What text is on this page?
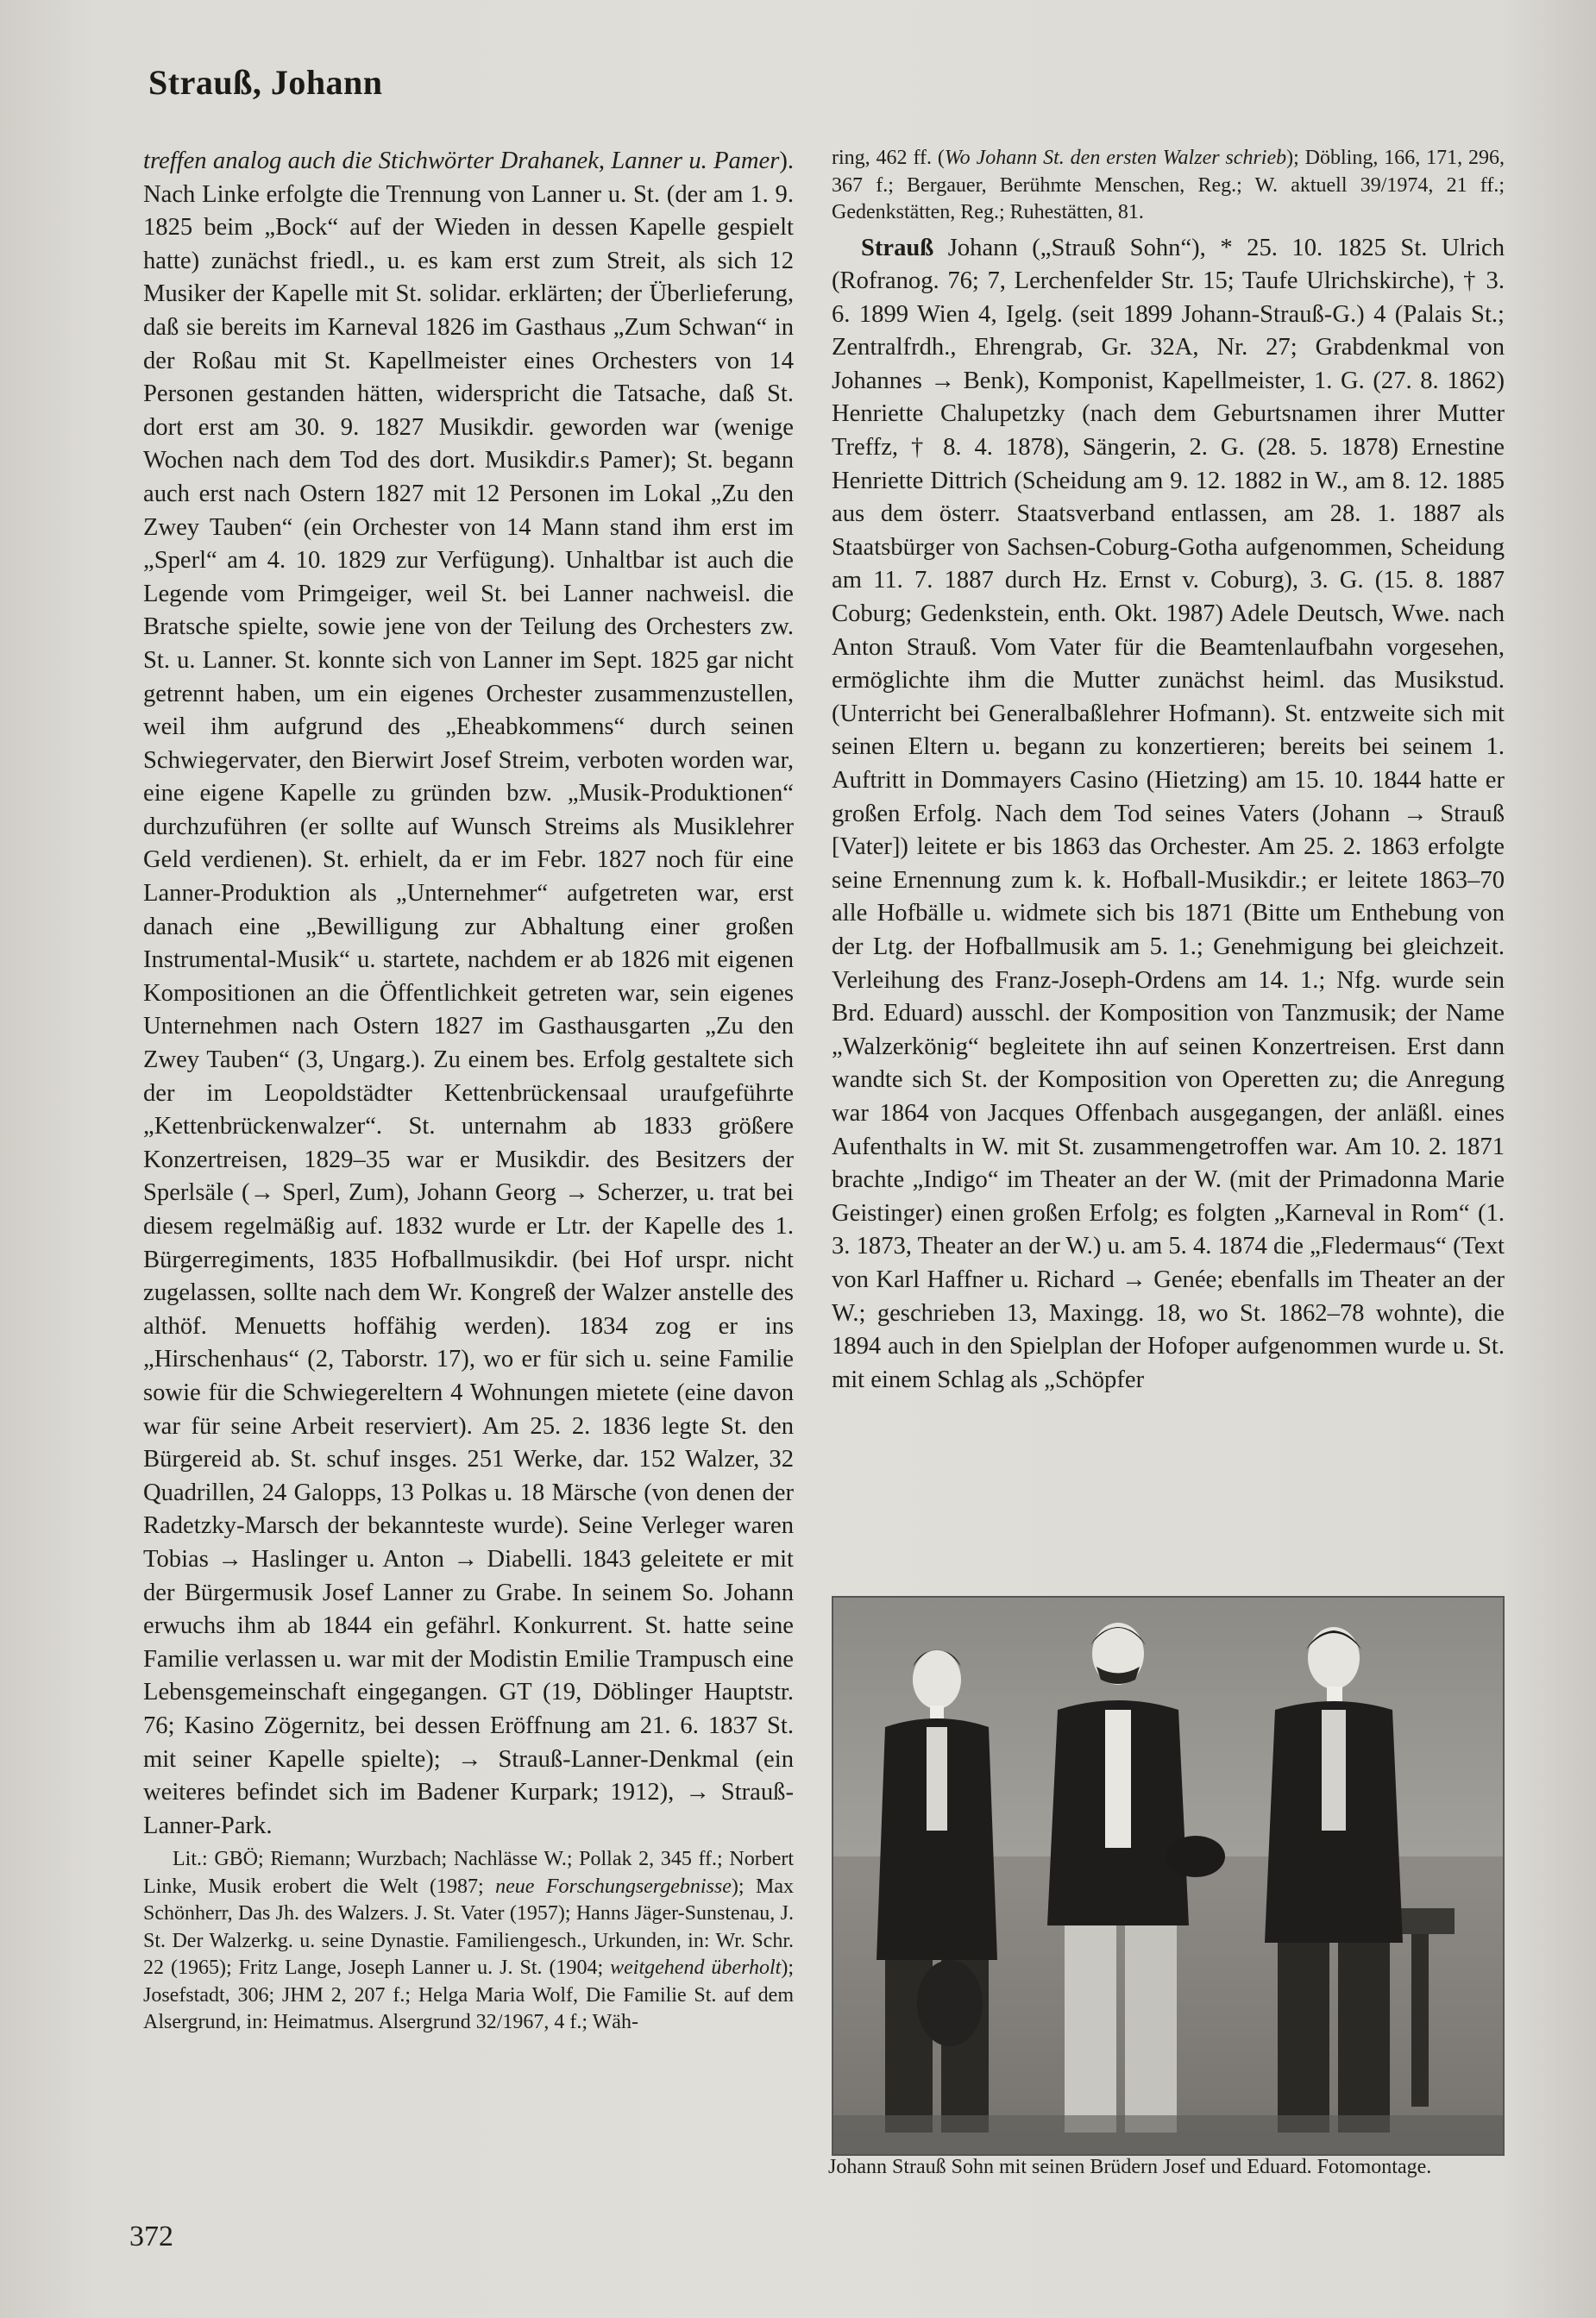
Strauß, Johann

treffen analog auch die Stichwörter Drahanek, Lanner u. Pamer). Nach Linke erfolgte die Trennung von Lanner u. St. (der am 1. 9. 1825 beim „Bock“ auf der Wieden in dessen Kapelle gespielt hatte) zunächst friedl., u. es kam erst zum Streit, als sich 12 Musiker der Kapelle mit St. solidar. erklärten; der Überlieferung, daß sie bereits im Karneval 1826 im Gasthaus „Zum Schwan“ in der Roßau mit St. Kapellmeister eines Orchesters von 14 Personen gestanden hätten, widerspricht die Tatsache, daß St. dort erst am 30. 9. 1827 Musikdir. geworden war (wenige Wochen nach dem Tod des dort. Musikdir.s Pamer); St. begann auch erst nach Ostern 1827 mit 12 Personen im Lokal „Zu den Zwey Tauben“ (ein Orchester von 14 Mann stand ihm erst im „Sperl“ am 4. 10. 1829 zur Verfügung). Unhaltbar ist auch die Legende vom Primgeiger, weil St. bei Lanner nachweisl. die Bratsche spielte, sowie jene von der Teilung des Orchesters zw. St. u. Lanner. St. konnte sich von Lanner im Sept. 1825 gar nicht getrennt haben, um ein eigenes Orchester zusammenzustellen, weil ihm aufgrund des „Eheabkommens“ durch seinen Schwiegervater, den Bierwirt Josef Streim, verboten worden war, eine eigene Kapelle zu gründen bzw. „Musik-Produktionen“ durchzuführen (er sollte auf Wunsch Streims als Musiklehrer Geld verdienen). St. erhielt, da er im Febr. 1827 noch für eine Lanner-Produktion als „Unternehmer“ aufgetreten war, erst danach eine „Bewilligung zur Abhaltung einer großen Instrumental-Musik“ u. startete, nachdem er ab 1826 mit eigenen Kompositionen an die Öffentlichkeit getreten war, sein eigenes Unternehmen nach Ostern 1827 im Gasthausgarten „Zu den Zwey Tauben“ (3, Ungarg.). Zu einem bes. Erfolg gestaltete sich der im Leopoldstädter Kettenbrückensaal uraufgeführte „Kettenbrückenwalzer“. St. unternahm ab 1833 größere Konzertreisen, 1829–35 war er Musikdir. des Besitzers der Sperlsäle (→ Sperl, Zum), Johann Georg → Scherzer, u. trat bei diesem regelmäßig auf. 1832 wurde er Ltr. der Kapelle des 1. Bürgerregiments, 1835 Hofballmusikdir. (bei Hof urspr. nicht zugelassen, sollte nach dem Wr. Kongreß der Walzer anstelle des althöf. Menuetts hoffähig werden). 1834 zog er ins „Hirschenhaus“ (2, Taborstr. 17), wo er für sich u. seine Familie sowie für die Schwiegereltern 4 Wohnungen mietete (eine davon war für seine Arbeit reserviert). Am 25. 2. 1836 legte St. den Bürgereid ab. St. schuf insges. 251 Werke, dar. 152 Walzer, 32 Quadrillen, 24 Galopps, 13 Polkas u. 18 Märsche (von denen der Radetzky-Marsch der bekannteste wurde). Seine Verleger waren Tobias → Haslinger u. Anton → Diabelli. 1843 geleitete er mit der Bürgermusik Josef Lanner zu Grabe. In seinem So. Johann erwuchs ihm ab 1844 ein gefährl. Konkurrent. St. hatte seine Familie verlassen u. war mit der Modistin Emilie Trampusch eine Lebensgemeinschaft eingegangen. GT (19, Döblinger Hauptstr. 76; Kasino Zögernitz, bei dessen Eröffnung am 21. 6. 1837 St. mit seiner Kapelle spielte); → Strauß-Lanner-Denkmal (ein weiteres befindet sich im Badener Kurpark; 1912), → Strauß-Lanner-Park.

Lit.: GBÖ; Riemann; Wurzbach; Nachlässe W.; Pollak 2, 345 ff.; Norbert Linke, Musik erobert die Welt (1987; neue Forschungsergebnisse); Max Schönherr, Das Jh. des Walzers. J. St. Vater (1957); Hanns Jäger-Sunstenau, J. St. Der Walzerkg. u. seine Dynastie. Familiengesch., Urkunden, in: Wr. Schr. 22 (1965); Fritz Lange, Joseph Lanner u. J. St. (1904; weitgehend überholt); Josefstadt, 306; JHM 2, 207 f.; Helga Maria Wolf, Die Familie St. auf dem Alsergrund, in: Heimatmus. Alsergrund 32/1967, 4 f.; Wäh-

ring, 462 ff. (Wo Johann St. den ersten Walzer schrieb); Döbling, 166, 171, 296, 367 f.; Bergauer, Berühmte Menschen, Reg.; W. aktuell 39/1974, 21 ff.; Gedenkstätten, Reg.; Ruhestätten, 81.

Strauß Johann („Strauß Sohn“), * 25. 10. 1825 St. Ulrich (Rofranog. 76; 7, Lerchenfelder Str. 15; Taufe Ulrichskirche), † 3. 6. 1899 Wien 4, Igelg. (seit 1899 Johann-Strauß-G.) 4 (Palais St.; Zentralfrdh., Ehrengrab, Gr. 32A, Nr. 27; Grabdenkmal von Johannes → Benk), Komponist, Kapellmeister, 1. G. (27. 8. 1862) Henriette Chalupetzky (nach dem Geburtsnamen ihrer Mutter Treffz, † 8. 4. 1878), Sängerin, 2. G. (28. 5. 1878) Ernestine Henriette Dittrich (Scheidung am 9. 12. 1882 in W., am 8. 12. 1885 aus dem österr. Staatsverband entlassen, am 28. 1. 1887 als Staatsbürger von Sachsen-Coburg-Gotha aufgenommen, Scheidung am 11. 7. 1887 durch Hz. Ernst v. Coburg), 3. G. (15. 8. 1887 Coburg; Gedenkstein, enth. Okt. 1987) Adele Deutsch, Wwe. nach Anton Strauß. Vom Vater für die Beamtenlaufbahn vorgesehen, ermöglichte ihm die Mutter zunächst heiml. das Musikstud. (Unterricht bei Generalbaßlehrer Hofmann). St. entzweite sich mit seinen Eltern u. begann zu konzertieren; bereits bei seinem 1. Auftritt in Dommayers Casino (Hietzing) am 15. 10. 1844 hatte er großen Erfolg. Nach dem Tod seines Vaters (Johann → Strauß [Vater]) leitete er bis 1863 das Orchester. Am 25. 2. 1863 erfolgte seine Ernennung zum k. k. Hofball-Musikdir.; er leitete 1863–70 alle Hofbälle u. widmete sich bis 1871 (Bitte um Enthebung von der Ltg. der Hofballmusik am 5. 1.; Genehmigung bei gleichzeit. Verleihung des Franz-Joseph-Ordens am 14. 1.; Nfg. wurde sein Brd. Eduard) ausschl. der Komposition von Tanzmusik; der Name „Walzerkönig“ begleitete ihn auf seinen Konzertreisen. Erst dann wandte sich St. der Komposition von Operetten zu; die Anregung war 1864 von Jacques Offenbach ausgegangen, der anläßl. eines Aufenthalts in W. mit St. zusammengetroffen war. Am 10. 2. 1871 brachte „Indigo“ im Theater an der W. (mit der Primadonna Marie Geistinger) einen großen Erfolg; es folgten „Karneval in Rom“ (1. 3. 1873, Theater an der W.) u. am 5. 4. 1874 die „Fledermaus“ (Text von Karl Haffner u. Richard → Genée; ebenfalls im Theater an der W.; geschrieben 13, Maxingg. 18, wo St. 1862–78 wohnte), die 1894 auch in den Spielplan der Hofoper aufgenommen wurde u. St. mit einem Schlag als „Schöpfer

Johann Strauß Sohn mit seinen Brüdern Josef und Eduard. Fotomontage.
372
